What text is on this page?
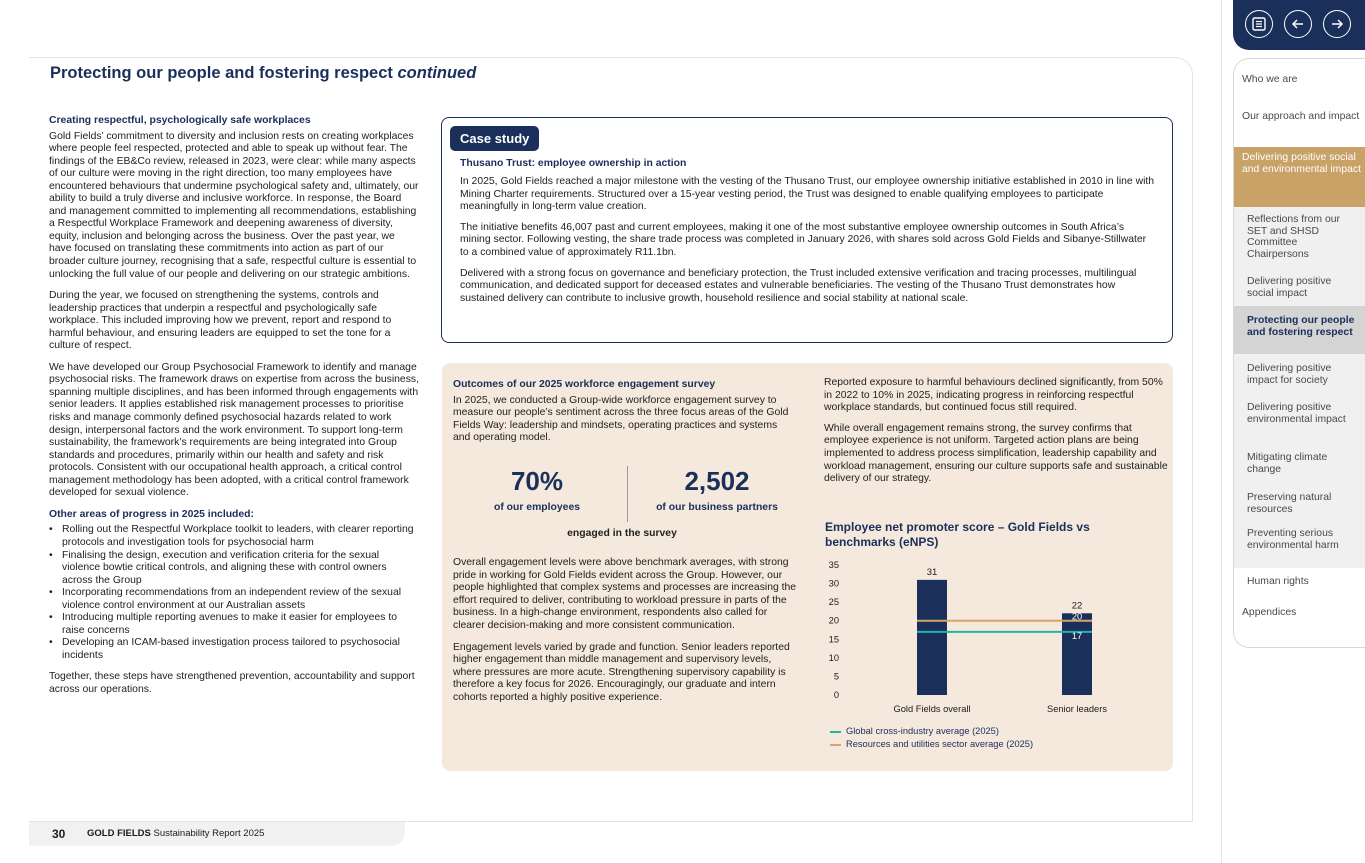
Protecting our people and fostering respect continued
Creating respectful, psychologically safe workplaces

Gold Fields’ commitment to diversity and inclusion rests on creating workplaces where people feel respected, protected and able to speak up without fear. The findings of the EB&Co review, released in 2023, were clear: while many aspects of our culture were moving in the right direction, too many employees have encountered behaviours that undermine psychological safety and, ultimately, our ability to build a truly diverse and inclusive workforce. In response, the Board and management committed to implementing all recommendations, establishing a Respectful Workplace Framework and deepening awareness of diversity, equity, inclusion and belonging across the business. Over the past year, we have focused on translating these commitments into action as part of our broader culture journey, recognising that a safe, respectful culture is essential to unlocking the full value of our people and delivering on our strategic ambitions.

During the year, we focused on strengthening the systems, controls and leadership practices that underpin a respectful and psychologically safe workplace. This included improving how we prevent, report and respond to harmful behaviour, and ensuring leaders are equipped to set the tone for a culture of respect.

We have developed our Group Psychosocial Framework to identify and manage psychosocial risks. The framework draws on expertise from across the business, spanning multiple disciplines, and has been informed through engagements with senior leaders. It applies established risk management processes to prioritise risks and manage commonly defined psychosocial hazards related to work design, interpersonal factors and the work environment. To support long-term sustainability, the framework’s requirements are being integrated into Group standards and procedures, primarily within our health and safety and risk protocols. Consistent with our occupational health approach, a critical control management methodology has been adopted, with a critical control framework developed for sexual violence.

Other areas of progress in 2025 included:
• Rolling out the Respectful Workplace toolkit to leaders, with clearer reporting protocols and investigation tools for psychosocial harm
• Finalising the design, execution and verification criteria for the sexual violence bowtie critical controls, and aligning these with control owners across the Group
• Incorporating recommendations from an independent review of the sexual violence control environment at our Australian assets
• Introducing multiple reporting avenues to make it easier for employees to raise concerns
• Developing an ICAM-based investigation process tailored to psychosocial incidents

Together, these steps have strengthened prevention, accountability and support across our operations.

Case study
Thusano Trust: employee ownership in action

In 2025, Gold Fields reached a major milestone with the vesting of the Thusano Trust, our employee ownership initiative established in 2010 in line with Mining Charter requirements. Structured over a 15-year vesting period, the Trust was designed to enable qualifying employees to participate meaningfully in long-term value creation.

The initiative benefits 46,007 past and current employees, making it one of the most substantive employee ownership outcomes in South Africa’s mining sector. Following vesting, the share trade process was completed in January 2026, with shares sold across Gold Fields and Sibanye-Stillwater to a combined value of approximately R11.1bn.

Delivered with a strong focus on governance and beneficiary protection, the Trust included extensive verification and tracing processes, multilingual communication, and dedicated support for deceased estates and vulnerable beneficiaries. The vesting of the Thusano Trust demonstrates how sustained delivery can contribute to inclusive growth, household resilience and social stability at national scale.

Outcomes of our 2025 workforce engagement survey

In 2025, we conducted a Group-wide workforce engagement survey to measure our people’s sentiment across the three focus areas of the Gold Fields Way: leadership and mindsets, operating practices and systems and operating model.

70%
of our employees
2,502
of our business partners
engaged in the survey

Overall engagement levels were above benchmark averages, with strong pride in working for Gold Fields evident across the Group. However, our people highlighted that complex systems and processes are increasing the effort required to deliver, contributing to workload pressure in parts of the business. In a high-change environment, respondents also called for clearer decision-making and more consistent communication.

Engagement levels varied by grade and function. Senior leaders reported higher engagement than middle management and supervisory levels, where pressures are more acute. Strengthening supervisory capability is therefore a key focus for 2026. Encouragingly, our graduate and intern cohorts reported a highly positive experience.

Reported exposure to harmful behaviours declined significantly, from 50% in 2022 to 10% in 2025, indicating progress in reinforcing respectful workplace standards, but continued focus still required.

While overall engagement remains strong, the survey confirms that employee experience is not uniform. Targeted action plans are being implemented to address process simplification, leadership capability and workload management, ensuring our culture supports safe and sustainable delivery of our strategy.

Employee net promoter score – Gold Fields vs benchmarks (eNPS)
0
5
10
15
20
25
30
35
31
Gold Fields overall
22
Senior leaders
17
20
Global cross-industry average (2025)
Resources and utilities sector average (2025)
30 GOLD FIELDS Sustainability Report 2025
Who we are
Our approach and impact
Delivering positive social and environmental impact
Reflections from our SET and SHSD Committee Chairpersons
Delivering positive social impact
Protecting our people and fostering respect
Delivering positive impact for society
Delivering positive environmental impact
Mitigating climate change
Preserving natural resources
Preventing serious environmental harm
Human rights
Appendices
